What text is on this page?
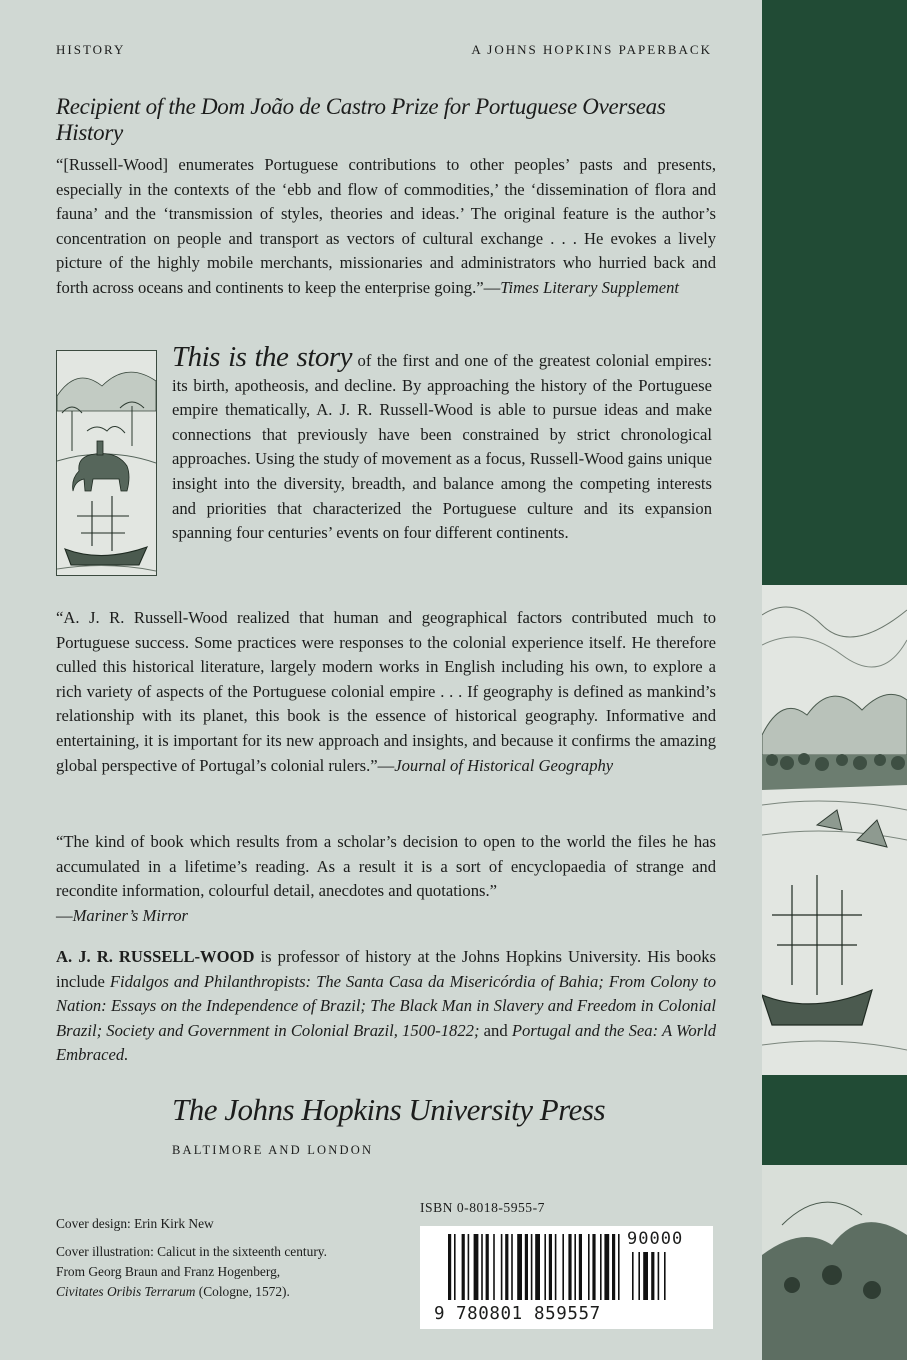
HISTORY	A JOHNS HOPKINS PAPERBACK
Recipient of the Dom João de Castro Prize for Portuguese Overseas History
“[Russell-Wood] enumerates Portuguese contributions to other peoples’ pasts and presents, especially in the contexts of the ‘ebb and flow of commodities,’ the ‘dissemination of flora and fauna’ and the ‘transmission of styles, theories and ideas.’ The original feature is the author’s concentration on people and transport as vectors of cultural exchange . . . He evokes a lively picture of the highly mobile merchants, missionaries and administrators who hurried back and forth across oceans and continents to keep the enterprise going.”—Times Literary Supplement
This is the story of the first and one of the greatest colonial empires: its birth, apotheosis, and decline. By approaching the history of the Portuguese empire thematically, A. J. R. Russell-Wood is able to pursue ideas and make connections that previously have been constrained by strict chronological approaches. Using the study of movement as a focus, Russell-Wood gains unique insight into the diversity, breadth, and balance among the competing interests and priorities that characterized the Portuguese culture and its expansion spanning four centuries’ events on four different continents.
“A. J. R. Russell-Wood realized that human and geographical factors contributed much to Portuguese success. Some practices were responses to the colonial experience itself. He therefore culled this historical literature, largely modern works in English including his own, to explore a rich variety of aspects of the Portuguese colonial empire . . . If geography is defined as mankind’s relationship with its planet, this book is the essence of historical geography. Informative and entertaining, it is important for its new approach and insights, and because it confirms the amazing global perspective of Portugal’s colonial rulers.”—Journal of Historical Geography
“The kind of book which results from a scholar’s decision to open to the world the files he has accumulated in a lifetime’s reading. As a result it is a sort of encyclopaedia of strange and recondite information, colourful detail, anecdotes and quotations.”
—Mariner’s Mirror
A. J. R. RUSSELL-WOOD is professor of history at the Johns Hopkins University. His books include Fidalgos and Philanthropists: The Santa Casa da Misericórdia of Bahia; From Colony to Nation: Essays on the Independence of Brazil; The Black Man in Slavery and Freedom in Colonial Brazil; Society and Government in Colonial Brazil, 1500-1822; and Portugal and the Sea: A World Embraced.
The Johns Hopkins University Press
BALTIMORE AND LONDON
Cover design: Erin Kirk New
Cover illustration: Calicut in the sixteenth century.
From Georg Braun and Franz Hogenberg,
Civitates Oribis Terrarum (Cologne, 1572).
ISBN 0-8018-5955-7
90000
9 780801 859557
